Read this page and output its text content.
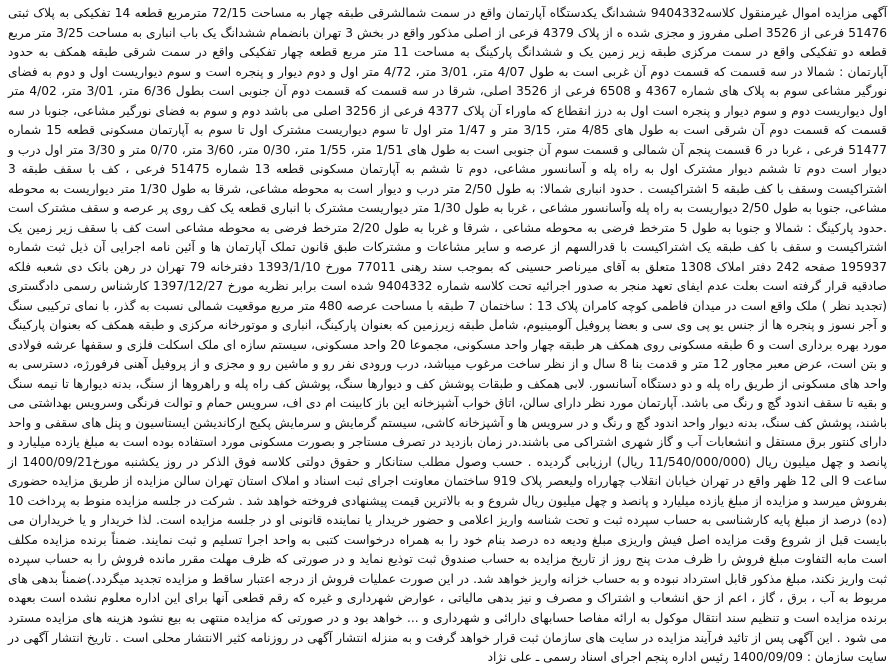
آگهی مزایده اموال غیرمنقول کلاسه9404332 ششدانگ یکدستگاه آپارتمان واقع در سمت شمالشرقی طبقه چهار به مساحت 72/15 مترمربع قطعه 14 تفکیکی به پلاک ثبتی 51476 فرعی از 3526 اصلی مفروز و مجزی شده ه از پلاک 4379 فرعی از اصلی مذکور واقع در بخش 3 تهران بانضمام ششدانگ یک باب انباری به مساحت 3/25 متر مربع قطعه دو تفکیکی واقع در سمت مرکزی طبقه زیر زمین یک و ششدانگ پارکینگ به مساحت 11 متر مربع قطعه چهار تفکیکی واقع در سمت شرقی طبقه همکف به حدود آپارتمان : شمالا در سه قسمت که قسمت دوم آن غربی است به طول 4/07 متر، 3/01 متر، 4/72 متر اول و دوم دیوار و پنجره است و سوم دیواریست اول و دوم به فضای نورگیر مشاعی سوم به پلاک های شماره 4367 و 6508 فرعی از 3526 اصلی، شرقا در سه قسمت که قسمت دوم آن جنوبی است بطول 6/36 متر، 3/01 متر، 4/02 متر اول دیواریست دوم و سوم دیوار و پنجره است اول به درز انقطاع که ماوراء آن پلاک 4377 فرعی از 3256 اصلی می باشد دوم و سوم به فضای نورگیر مشاعی، جنوبا در سه قسمت که قسمت دوم آن شرقی است به طول های 4/85 متر، 3/15 متر و 1/47 متر اول تا سوم دیواریست مشترک اول تا سوم به آپارتمان مسکونی قطعه 15 شماره 51477 فرعی ، غربا در 6 قسمت پنجم آن شمالی و قسمت سوم آن جنوبی است به طول های 1/51 متر، 1/55 متر، 0/30 متر، 3/60 متر، 0/70 متر و 3/30 متر اول درب و دیوار است دوم تا ششم دیوار مشترک اول به راه پله و آسانسور مشاعی، دوم تا ششم به آپارتمان مسکونی قطعه 13 شماره 51475 فرعی ، کف با سقف طبقه 3 اشتراکیست وسقف با کف طبقه 5 اشتراکیست . حدود انباری شمالا: به طول 2/50 متر درب و دیوار است به محوطه مشاعی، شرقا به طول 1/30 متر دیواریست به محوطه مشاعی، جنوبا به طول 2/50 دیواریست به راه پله وآسانسور مشاعی ، غربا به طول 1/30 متر دیواریست مشترک با انباری قطعه یک کف روی پر عرصه و سقف مشترک است .حدود پارکینگ : شمالا و جنوبا به طول 5 مترخط فرضی به محوطه مشاعی ، شرقا و غربا به طول 2/20 مترخط فرضی به محوطه مشاعی است کف با سقف زیر زمین یک اشتراکیست و سقف با کف طبقه یک اشتراکیست با قدرالسهم از عرصه و سایر مشاعات و مشترکات طبق قانون تملک آپارتمان ها و آئین نامه اجرایی آن ذیل ثبت شماره 195937 صفحه 242 دفتر املاک 1308 متعلق به آقای میرناصر حسینی که بموجب سند رهنی 77011 مورخ 1393/1/10 دفترخانه 79 تهران در رهن بانک دی شعبه فلکه صادقیه قرار گرفته است بعلت عدم ایفای تعهد منجر به صدور اجرائیه تحت کلاسه شماره 9404332 شده است برابر نظریه مورخ 1397/12/27 کارشناس رسمی دادگستری (تجدید نظر ) ملک واقع است در میدان فاطمی کوچه کامران پلاک 13 : ساختمان 7 طبقه با مساحت عرصه 480 متر مربع موقعیت شمالی نسبت به گذر، با نمای ترکیبی سنگ و آجر نسوز و پنجره ها از جنس یو پی وی سی و بعضا پروفیل آلومینیوم، شامل طبقه زیرزمین که بعنوان پارکینگ، انباری و موتورخانه مرکزی و طبقه همکف که بعنوان پارکینگ مورد بهره برداری است و 6 طبقه مسکونی روی همکف هر طبقه چهار واحد مسکونی، مجموعا 20 واحد مسکونی، سیستم سازه ای ملک اسکلت فلزی و سقفها عرشه فولادی و بتن است، عرض معبر مجاور 12 متر و قدمت بنا 8 سال و از نظر ساخت مرغوب میباشد، درب ورودی نفر رو و ماشین رو و مجزی و از پروفیل آهنی فرفورژه، دسترسی به واحد های مسکونی از طریق راه پله و دو دستگاه آسانسور. لابی همکف و طبقات پوشش کف و دیوارها سنگ، پوشش کف راه پله و راهروها از سنگ، بدنه دیوارها تا نیمه سنگ و بقیه تا سقف اندود گچ و رنگ می باشد. آپارتمان مورد نظر دارای سالن، اتاق خواب آشپزخانه این باز کابینت ام دی اف، سرویس حمام و توالت فرنگی وسرویس بهداشتی می باشند، پوشش کف سنگ، بدنه دیوار واحد اندود گچ و رنگ و در سرویس ها و آشپزخانه کاشی، سیستم گرمایش و سرمایش پکیج ارکاندیشن ایستاسیون و پنل های سقفی و واحد دارای کنتور برق مستقل و انشعابات آب و گاز شهری اشتراکی می باشند.در زمان بازدید در تصرف مستاجر و بصورت مسکونی مورد استفاده بوده است به مبلغ یازده میلیارد و پانصد و چهل میلیون ریال (11/540/000/000 ریال) ارزیابی گردیده . حسب وصول مطلب ستانکار و حقوق دولتی کلاسه فوق الذکر در روز یکشنبه مورخ1400/09/21 از ساعت 9 الی 12 ظهر واقع در تهران خیابان انقلاب چهارراه ولیعصر پلاک 919 ساختمان معاونت اجرای ثبت اسناد و املاک استان تهران سالن مزایده از طریق مزایده حضوری بفروش میرسد و مزایده از مبلغ یازده میلیارد و پانصد و چهل میلیون ریال شروع و به بالاترین قیمت پیشنهادی فروخته خواهد شد . شرکت در جلسه مزایده منوط به پرداخت 10 (ده) درصد از مبلغ پایه کارشناسی به حساب سپرده ثبت و تحت شناسه واریز اعلامی و حضور خریدار یا نماینده قانونی او در جلسه مزایده است. لذا خریدار و یا خریداران می بایست قبل از شروع وقت مزایده اصل فیش واریزی مبلغ ودیعه ده درصد بنام خود را به همراه درخواست کتبی به واحد اجرا تسلیم و ثبت نمایند. ضمناً برنده مزایده مکلف است مابه التفاوت مبلغ فروش را ظرف مدت پنج روز از تاریخ مزایده به حساب صندوق ثبت توذیع نماید و در صورتی که ظرف مهلت مقرر مانده فروش را به حساب سپرده ثبت واریز نکند، مبلغ مذکور قابل استرداد نبوده و به حساب خزانه واریز خواهد شد. در این صورت عملیات فروش از درجه اعتبار ساقط و مزایده تجدید میگردد.)ضمناً بدهی های مربوط به آب ، برق ، گاز ، اعم از حق انشعاب و اشتراک و مصرف و نیز بدهی مالیاتی ، عوارض شهرداری و غیره که رقم قطعی آنها برای این اداره معلوم نشده است بعهده برنده مزایده است و تنظیم سند انتقال موکول به ارائه مفاصا حسابهای دارائی و شهرداری و ... خواهد بود و در صورتی که مزایده منتهی به بیع نشود هزینه های مزایده مسترد می شود . این آگهی پس از تائید فرآیند مزایده در سایت های سازمان ثبت قرار خواهد گرفت و به منزله انتشار آگهی در روزنامه کثیر الانتشار محلی است . تاریخ انتشار آگهی در سایت سازمان : 1400/09/09 رئیس اداره پنجم اجرای اسناد رسمی ـ علی نژاد
